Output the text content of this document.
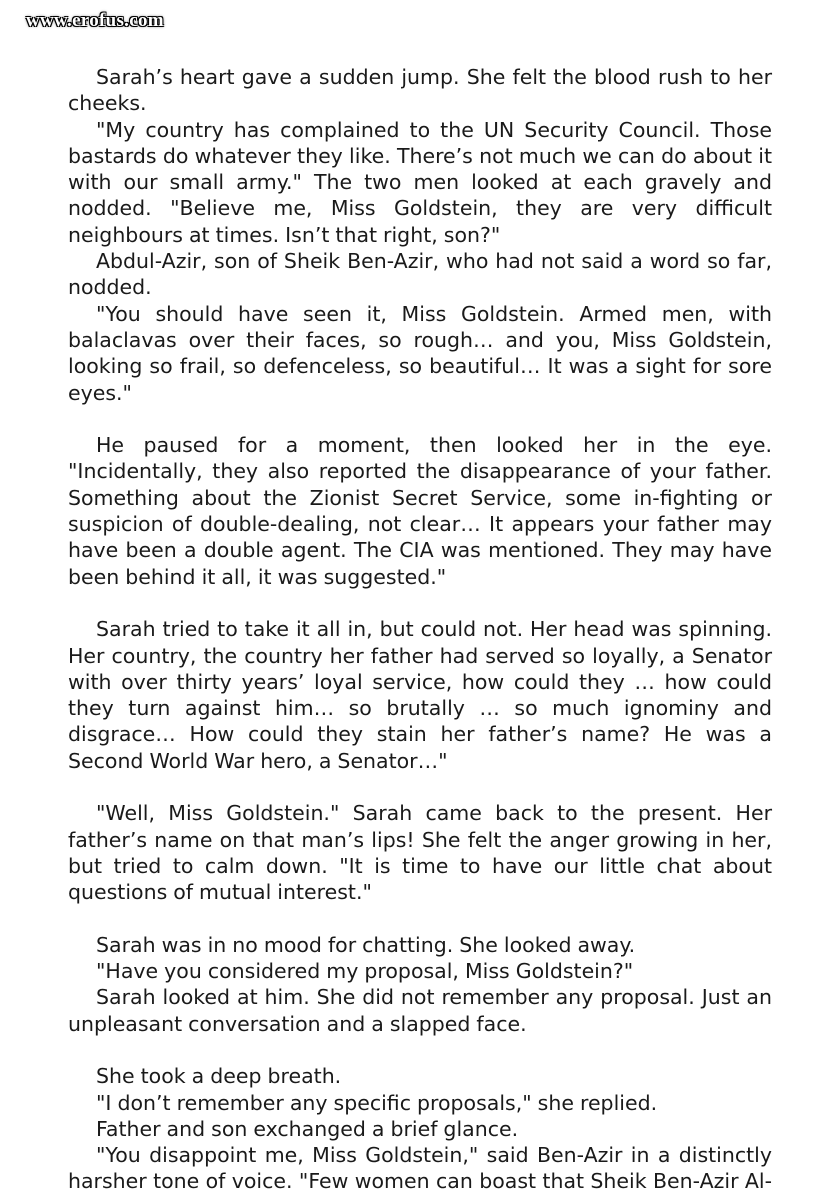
www.erofus.com

Sarah’s heart gave a sudden jump. She felt the blood rush to her cheeks.

"My country has complained to the UN Security Council. Those bastards do whatever they like. There’s not much we can do about it with our small army." The two men looked at each gravely and nodded. "Believe me, Miss Goldstein, they are very difficult neighbours at times. Isn’t that right, son?"

Abdul-Azir, son of Sheik Ben-Azir, who had not said a word so far, nodded.

"You should have seen it, Miss Goldstein. Armed men, with balaclavas over their faces, so rough… and you, Miss Goldstein, looking so frail, so defenceless, so beautiful… It was a sight for sore eyes."

He paused for a moment, then looked her in the eye. "Incidentally, they also reported the disappearance of your father. Something about the Zionist Secret Service, some in-fighting or suspicion of double-dealing, not clear… It appears your father may have been a double agent. The CIA was mentioned. They may have been behind it all, it was suggested."

Sarah tried to take it all in, but could not. Her head was spinning. Her country, the country her father had served so loyally, a Senator with over thirty years’ loyal service, how could they … how could they turn against him… so brutally … so much ignominy and disgrace… How could they stain her father’s name? He was a Second World War hero, a Senator…"

"Well, Miss Goldstein." Sarah came back to the present. Her father’s name on that man’s lips! She felt the anger growing in her, but tried to calm down. "It is time to have our little chat about questions of mutual interest."

Sarah was in no mood for chatting. She looked away.

"Have you considered my proposal, Miss Goldstein?"

Sarah looked at him. She did not remember any proposal. Just an unpleasant conversation and a slapped face.

She took a deep breath.

"I don’t remember any specific proposals," she replied.

Father and son exchanged a brief glance.

"You disappoint me, Miss Goldstein," said Ben-Azir in a distinctly harsher tone of voice. "Few women can boast that Sheik Ben-Azir Al-
